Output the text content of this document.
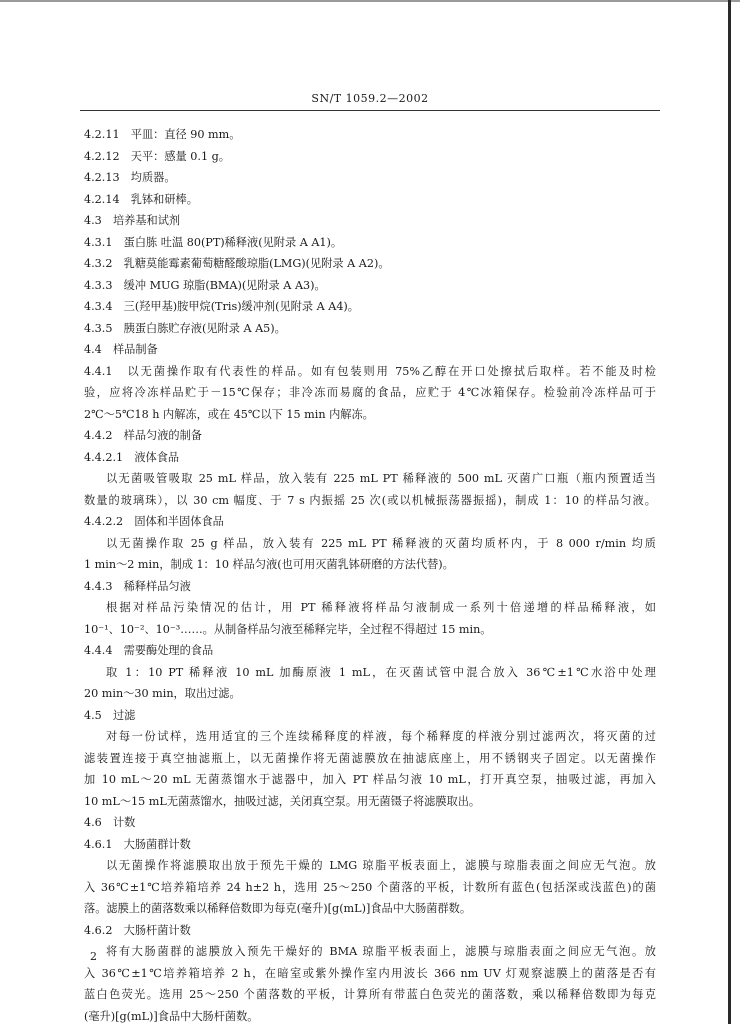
SN/T 1059.2—2002
4.2.11　平皿：直径 90 mm。
4.2.12　天平：感量 0.1 g。
4.2.13　均质器。
4.2.14　乳钵和研棒。
4.3　培养基和试剂
4.3.1　蛋白胨 吐温 80(PT)稀释液(见附录 A A1)。
4.3.2　乳糖莫能霉素葡萄糖醛酸琼脂(LMG)(见附录 A A2)。
4.3.3　缓冲 MUG 琼脂(BMA)(见附录 A A3)。
4.3.4　三(羟甲基)胺甲烷(Tris)缓冲剂(见附录 A A4)。
4.3.5　胰蛋白胨贮存液(见附录 A A5)。
4.4　样品制备
4.4.1　以无菌操作取有代表性的样品。如有包装则用 75%乙醇在开口处擦拭后取样。若不能及时检
验，应将冷冻样品贮于－15℃保存；非冷冻而易腐的食品，应贮于 4℃冰箱保存。检验前冷冻样品可于
2℃～5℃18 h 内解冻，或在 45℃以下 15 min 内解冻。
4.4.2　样品匀液的制备
4.4.2.1　液体食品
以无菌吸管吸取 25 mL 样品，放入装有 225 mL PT 稀释液的 500 mL 灭菌广口瓶（瓶内预置适当
数量的玻璃珠），以 30 cm 幅度、于 7 s 内振摇 25 次(或以机械振荡器振摇)，制成 1：10 的样品匀液。
4.4.2.2　固体和半固体食品
以无菌操作取 25 g 样品，放入装有 225 mL PT 稀释液的灭菌均质杯内，于 8 000 r/min 均质
1 min～2 min，制成 1：10 样品匀液(也可用灭菌乳钵研磨的方法代替)。
4.4.3　稀释样品匀液
根据对样品污染情况的估计，用 PT 稀释液将样品匀液制成一系列十倍递增的样品稀释液，如
10⁻¹、10⁻²、10⁻³……。从制备样品匀液至稀释完毕，全过程不得超过 15 min。
4.4.4　需要酶处理的食品
取 1：10 PT 稀释液 10 mL 加酶原液 1 mL，在灭菌试管中混合放入 36℃±1℃水浴中处理
20 min～30 min，取出过滤。
4.5　过滤
对每一份试样，选用适宜的三个连续稀释度的样液，每个稀释度的样液分别过滤两次，将灭菌的过
滤装置连接于真空抽滤瓶上，以无菌操作将无菌滤膜放在抽滤底座上，用不锈钢夹子固定。以无菌操作
加 10 mL～20 mL 无菌蒸馏水于滤器中，加入 PT 样品匀液 10 mL，打开真空泵，抽吸过滤，再加入
10 mL～15 mL无菌蒸馏水，抽吸过滤，关闭真空泵。用无菌镊子将滤膜取出。
4.6　计数
4.6.1　大肠菌群计数
以无菌操作将滤膜取出放于预先干燥的 LMG 琼脂平板表面上，滤膜与琼脂表面之间应无气泡。放
入 36℃±1℃培养箱培养 24 h±2 h，选用 25～250 个菌落的平板，计数所有蓝色(包括深或浅蓝色)的菌
落。滤膜上的菌落数乘以稀释倍数即为每克(毫升)[g(mL)]食品中大肠菌群数。
4.6.2　大肠杆菌计数
将有大肠菌群的滤膜放入预先干燥好的 BMA 琼脂平板表面上，滤膜与琼脂表面之间应无气泡。放
入 36℃±1℃培养箱培养 2 h，在暗室或紫外操作室内用波长 366 nm UV 灯观察滤膜上的菌落是否有
蓝白色荧光。选用 25～250 个菌落数的平板，计算所有带蓝白色荧光的菌落数，乘以稀释倍数即为每克
(毫升)[g(mL)]食品中大肠杆菌数。
2
